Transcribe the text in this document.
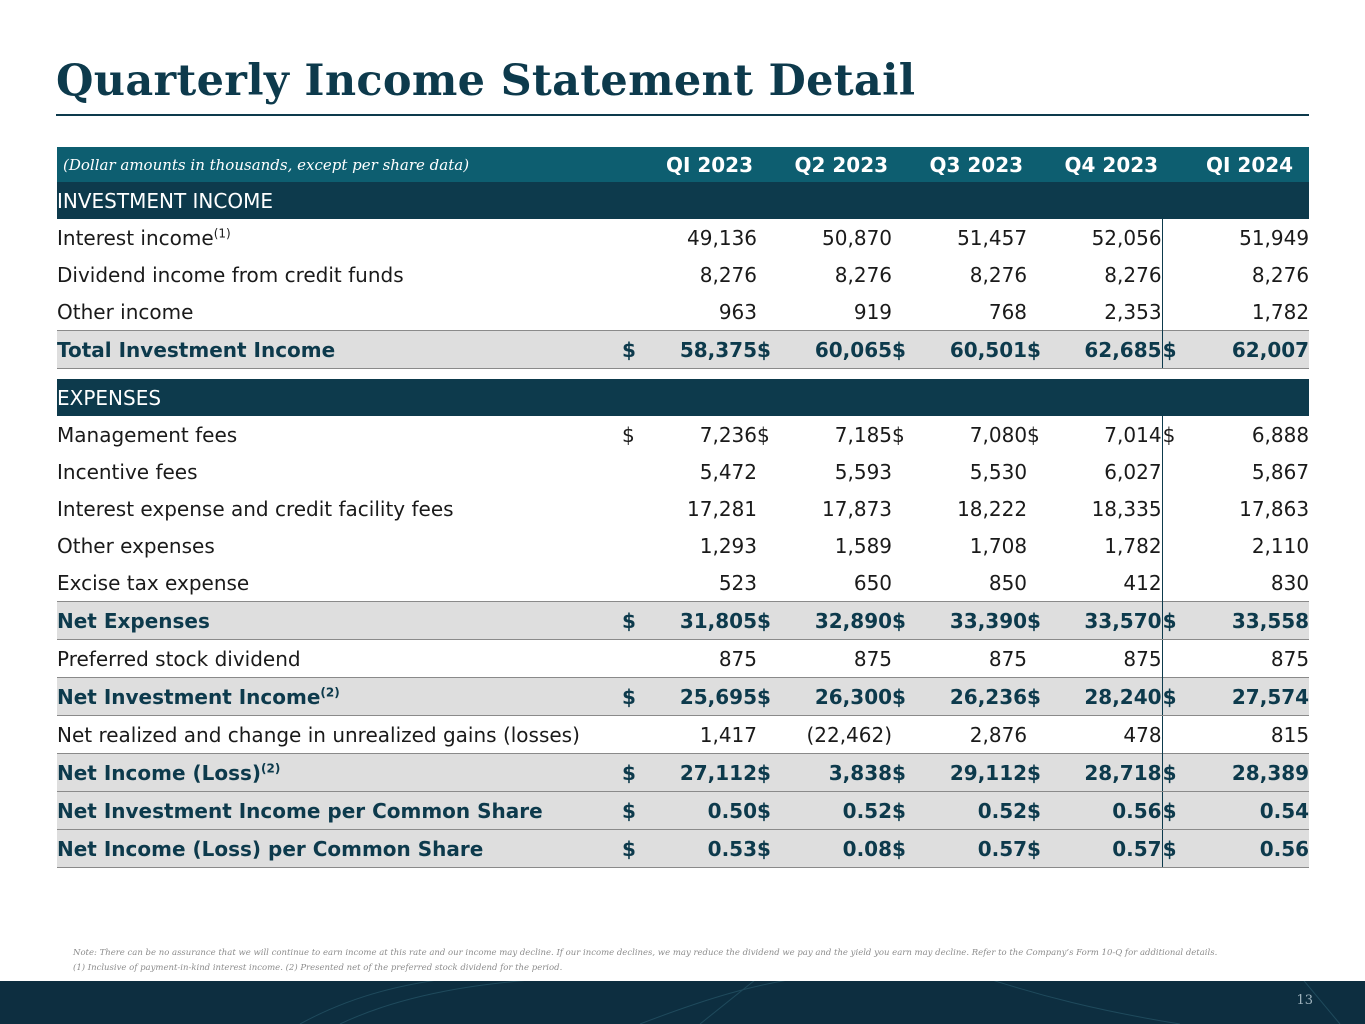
Quarterly Income Statement Detail
(Dollar amounts in thousands, except per share data)	QI 2023		Q2 2023		Q3 2023		Q4 2023		QI 2024	
INVESTMENT INCOME										
Interest income$^{(1)}$		49,136		50,870		51,457		52,056		51,949
Dividend income from credit funds		8,276		8,276		8,276		8,276		8,276
Other income		963		919		768		2,353		1,782
Total Investment Income	$	58,375	$	60,065	$	60,501	$	62,685	$	62,007

EXPENSES										
Management fees	$	7,236	$	7,185	$	7,080	$	7,014	$	6,888
Incentive fees		5,472		5,593		5,530		6,027		5,867
Interest expense and credit facility fees		17,281		17,873		18,222		18,335		17,863
Other expenses		1,293		1,589		1,708		1,782		2,110
Excise tax expense		523		650		850		412		830
Net Expenses	$	31,805	$	32,890	$	33,390	$	33,570	$	33,558
Preferred stock dividend		875		875		875		875		875
Net Investment Income$^{(2)}$	$	25,695	$	26,300	$	26,236	$	28,240	$	27,574
Net realized and change in unrealized gains (losses)		1,417		(22,462)		2,876		478		815
Net Income (Loss)$^{(2)}$	$	27,112	$	3,838	$	29,112	$	28,718	$	28,389
Net Investment Income per Common Share	$	0.50	$	0.52	$	0.52	$	0.56	$	0.54
Net Income (Loss) per Common Share	$	0.53	$	0.08	$	0.57	$	0.57	$	0.56
Note: There can be no assurance that we will continue to earn income at this rate and our income may decline. If our income declines, we may reduce the dividend we pay and the yield you earn may decline. Refer to the Company’s Form 10-Q for additional details.
(1) Inclusive of payment-in-kind interest income. (2) Presented net of the preferred stock dividend for the period.
13
